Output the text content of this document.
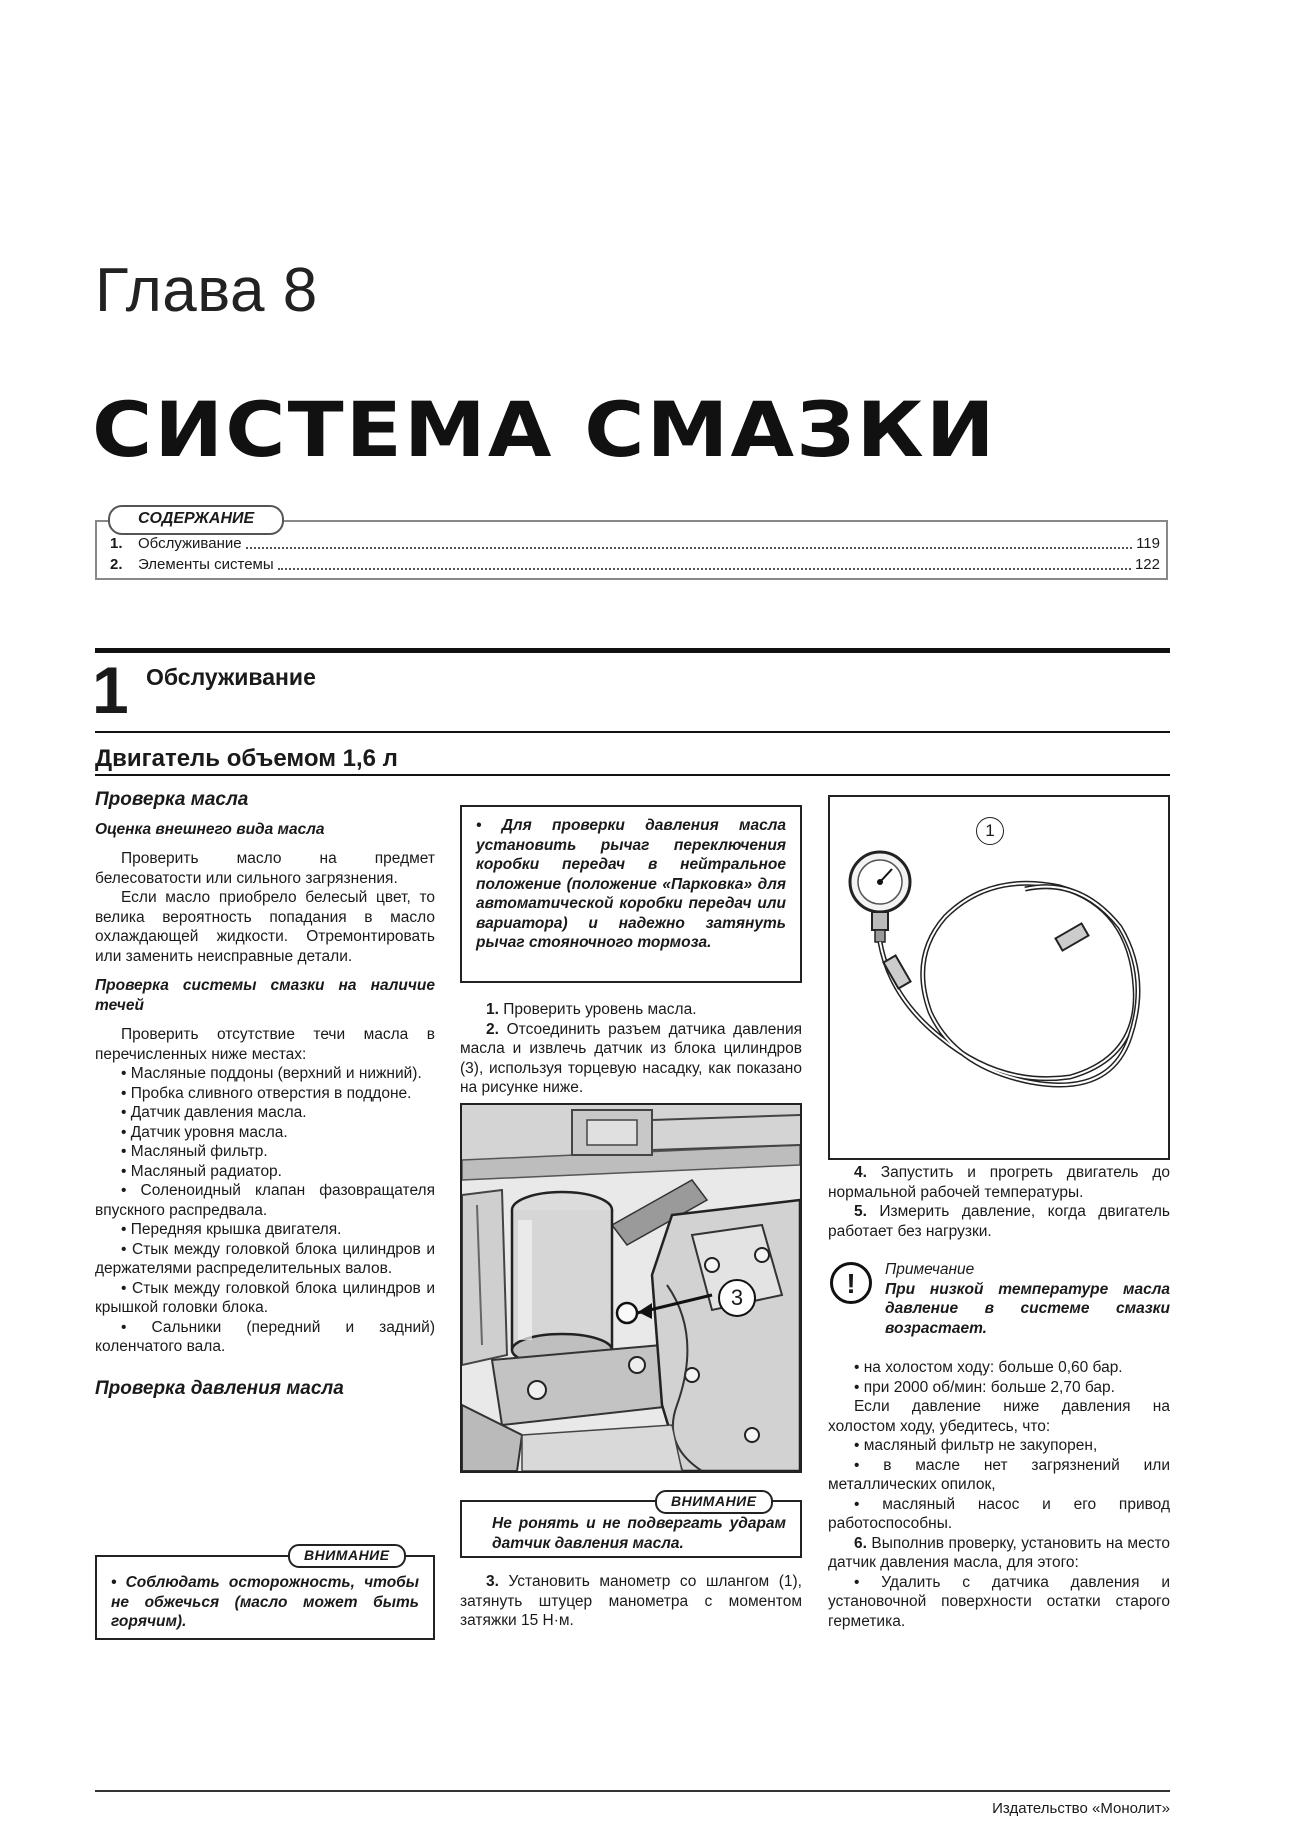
Глава 8
СИСТЕМА СМАЗКИ
1.	Обслуживание	119
2.	Элементы системы	122
СОДЕРЖАНИЕ
1 Обслуживание
Двигатель объемом 1,6 л

Проверка масла

Оценка внешнего вида масла

Проверить масло на предмет белесоватости или сильного загрязнения.

Если масло приобрело белесый цвет, то велика вероятность попадания в масло охлаждающей жидкости. Отремонтировать или заменить неисправные детали.

Проверка системы смазки на наличие течей

Проверить отсутствие течи масла в перечисленных ниже местах:

• Масляные поддоны (верхний и нижний).

• Пробка сливного отверстия в поддоне.

• Датчик давления масла.

• Датчик уровня масла.

• Масляный фильтр.

• Масляный радиатор.

• Соленоидный клапан фазовращателя впускного распредвала.

• Передняя крышка двигателя.

• Стык между головкой блока цилиндров и держателями распределительных валов.

• Стык между головкой блока цилиндров и крышкой головки блока.

• Сальники (передний и задний) коленчатого вала.

Проверка давления масла

• Соблюдать осторожность, чтобы не обжечься (масло может быть горячим).
ВНИМАНИЕ
• Для проверки давления масла установить рычаг переключения коробки передач в нейтральное положение (положение «Парковка» для автоматической коробки передач или вариатора) и надежно затянуть рычаг стояночного тормоза.

1. Проверить уровень масла.

2. Отсоединить разъем датчика давления масла и извлечь датчик из блока цилиндров (3), используя торцевую насадку, как показано на рисунке ниже.

3
Не ронять и не подвергать ударам датчик давления масла.
ВНИМАНИЕ

3. Установить манометр со шлангом (1), затянуть штуцер манометра с моментом затяжки 15 Н·м.

1

4. Запустить и прогреть двигатель до нормальной рабочей температуры.

5. Измерить давление, когда двигатель работает без нагрузки.

!	Примечание

При низкой температуре масла давление в системе смазки возрастает.

• на холостом ходу: больше 0,60 бар.

• при 2000 об/мин: больше 2,70 бар.

Если давление ниже давления на холостом ходу, убедитесь, что:

• масляный фильтр не закупорен,

• в масле нет загрязнений или металлических опилок,

• масляный насос и его привод работоспособны.

6. Выполнив проверку, установить на место датчик давления масла, для этого:

• Удалить с датчика давления и установочной поверхности остатки старого герметика.

Издательство «Монолит»
